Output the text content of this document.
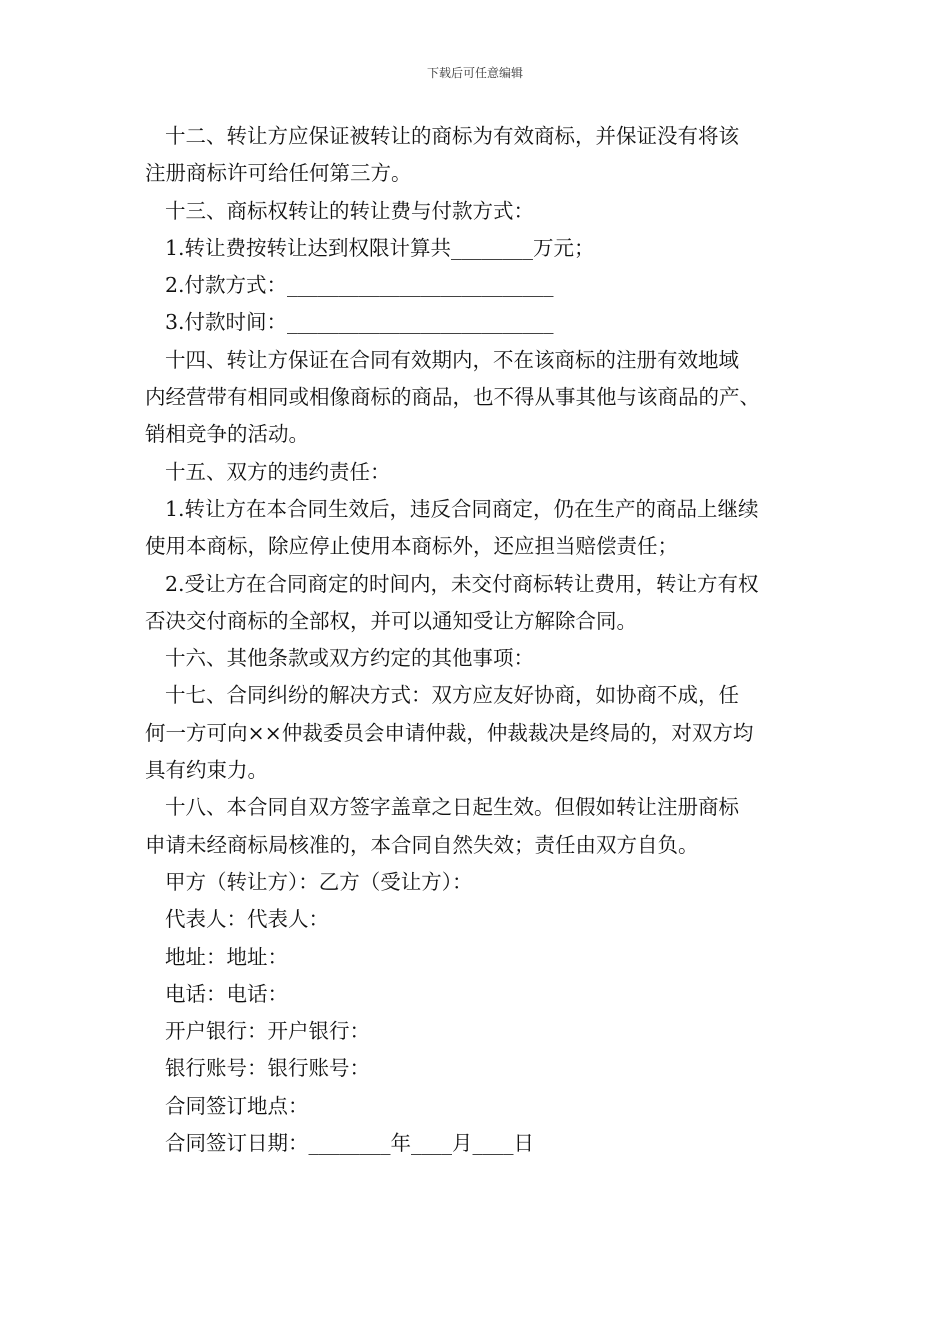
下载后可任意编辑
十二、转让方应保证被转让的商标为有效商标，并保证没有将该
注册商标许可给任何第三方。
十三、商标权转让的转让费与付款方式：
1.转让费按转让达到权限计算共________万元；
2.付款方式：__________________________
3.付款时间：__________________________
十四、转让方保证在合同有效期内，不在该商标的注册有效地域
内经营带有相同或相像商标的商品，也不得从事其他与该商品的产、
销相竞争的活动。
十五、双方的违约责任：
1.转让方在本合同生效后，违反合同商定，仍在生产的商品上继续
使用本商标，除应停止使用本商标外，还应担当赔偿责任；
2.受让方在合同商定的时间内，未交付商标转让费用，转让方有权
否决交付商标的全部权，并可以通知受让方解除合同。
十六、其他条款或双方约定的其他事项：
十七、合同纠纷的解决方式：双方应友好协商，如协商不成，任
何一方可向××仲裁委员会申请仲裁，仲裁裁决是终局的，对双方均
具有约束力。
十八、本合同自双方签字盖章之日起生效。但假如转让注册商标
申请未经商标局核准的，本合同自然失效；责任由双方自负。
甲方（转让方）：乙方（受让方）：
代表人：代表人：
地址：地址：
电话：电话：
开户银行：开户银行：
银行账号：银行账号：
合同签订地点：
合同签订日期：________年____月____日
